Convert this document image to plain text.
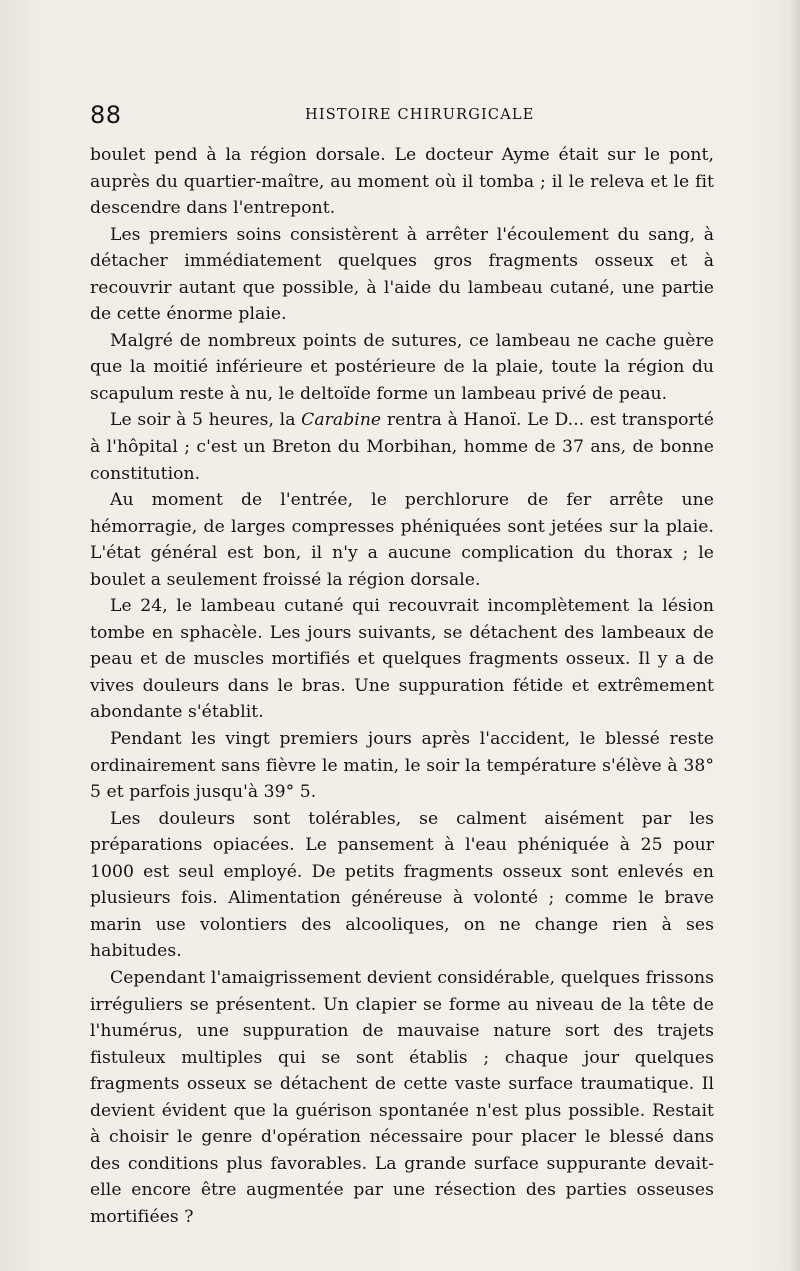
88	HISTOIRE CHIRURGICALE

boulet pend à la région dorsale. Le docteur Ayme était sur le pont, auprès du quartier-maître, au moment où il tomba ; il le releva et le fit descendre dans l'entrepont.

Les premiers soins consistèrent à arrêter l'écoulement du sang, à détacher immédiatement quelques gros fragments osseux et à recouvrir autant que possible, à l'aide du lambeau cutané, une partie de cette énorme plaie.

Malgré de nombreux points de sutures, ce lambeau ne cache guère que la moitié inférieure et postérieure de la plaie, toute la région du scapulum reste à nu, le deltoïde forme un lambeau privé de peau.

Le soir à 5 heures, la Carabine rentra à Hanoï. Le D... est transporté à l'hôpital ; c'est un Breton du Morbihan, homme de 37 ans, de bonne constitution.

Au moment de l'entrée, le perchlorure de fer arrête une hémorragie, de larges compresses phéniquées sont jetées sur la plaie. L'état général est bon, il n'y a aucune complication du thorax ; le boulet a seulement froissé la région dorsale.

Le 24, le lambeau cutané qui recouvrait incomplètement la lésion tombe en sphacèle. Les jours suivants, se détachent des lambeaux de peau et de muscles mortifiés et quelques fragments osseux. Il y a de vives douleurs dans le bras. Une suppuration fétide et extrêmement abondante s'établit.

Pendant les vingt premiers jours après l'accident, le blessé reste ordinairement sans fièvre le matin, le soir la température s'élève à 38° 5 et parfois jusqu'à 39° 5.

Les douleurs sont tolérables, se calment aisément par les préparations opiacées. Le pansement à l'eau phéniquée à 25 pour 1000 est seul employé. De petits fragments osseux sont enlevés en plusieurs fois. Alimentation généreuse à volonté ; comme le brave marin use volontiers des alcooliques, on ne change rien à ses habitudes.

Cependant l'amaigrissement devient considérable, quelques frissons irréguliers se présentent. Un clapier se forme au niveau de la tête de l'humérus, une suppuration de mauvaise nature sort des trajets fistuleux multiples qui se sont établis ; chaque jour quelques fragments osseux se détachent de cette vaste surface traumatique. Il devient évident que la guérison spontanée n'est plus possible. Restait à choisir le genre d'opération nécessaire pour placer le blessé dans des conditions plus favorables. La grande surface suppurante devait-elle encore être augmentée par une résection des parties osseuses mortifiées ?
